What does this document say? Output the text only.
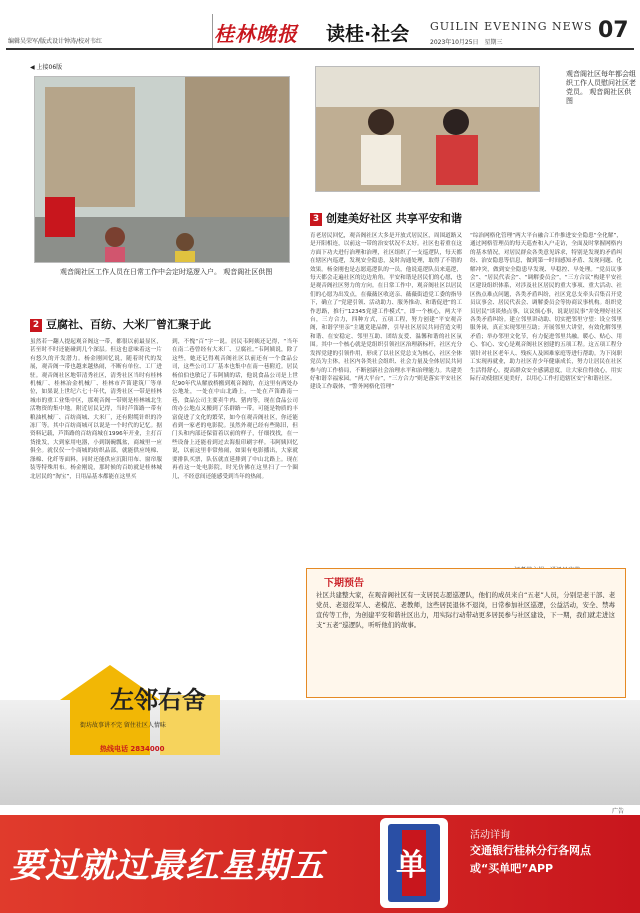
编辑吴荣军/版式设计钟涛/校对韦红	桂林晚报 读桂·社会 GUILIN EVENING NEWS
2023年10月25日　星期三	07
◀ 上接06版
观音阁社区工作人员在日常工作中会定时巡逻入户。 观音阁社区供图
观音阁社区每年都会组织工作人员慰问社区老党员。 观音阁社区供图
2 豆腐社、百纺、大米厂曾汇聚于此
虽然若一翻人提起观音阁这一带，都很以前最显区，甚至时不时还能碰到几个深层。但这也意味着这一片有悠久的开发潜力。杨金刚回忆说，随着时代的发展，观音阁一带也越来越热闹，不断有单位、工厂进驻。观音阁社区地带清秀社区，清秀社区当时有桂林机械厂、桂林冶金机械厂、桂林市芦笛建筑厂等单位，如果说上世纪六七十年代，清秀社区一带是桂林城市的重工业集中区，那观音阁一带则是桂林城北生活物资的集中地。附近居民记得，当时芦笛路一带有粮油机械厂、百纺商城、大米厂，还有附缆针织的冷冻厂等。其中百纺商城可以说是一个时代的记忆。据资料记载，芦笛路的百纺商城在1996年开业，主打百货批发，大到家用电器，小到锅碗瓢盆，商城里一应俱全。就仅仅一个商城的纺织品部，就能供应纯棉、涤棉、化纤等面料，同时还能供应沉阳用布、窗帘服装等特殊用布。杨金刚说，那时候的百纺就是桂林城北居民的“淘宝”，日用品基本都能在这里买
到，不愧“百”字一说。居民韦阿姨还记得，“当年在南二巷曾经有大米厂、豆腐社。”韦阿姨说，除了这些，她还记得观音阁社区以前还有一个食品公司，这些公司工厂基本也集中在南一巷附近。居民杨伯伯也敏记了韦阿姨的话，他说食品公司是上世纪90年代从解放桥搬到观音阁的，在这里有两处办公地址，一处在中山北路上，一处在芦笛路南一巷，食品公司主要卖牛肉、猪肉等，现在食品公司的办公地点又搬到了乐群路一带。可能是物质的丰富促进了文化的繁荣，如今在观音阁社区，你还能看到一家老的电影院。虽然外观已经有些陈旧，但门头和内部还保留着以前的样子，仔细找找，在一些设备上还能看到过去海报印刷字样。韦阿姨回忆说，以前这里非常热闹，如果有电影播出，大家就要排队买票，队伍就直延排到了中山北路上。现在再看这一处电影院，时光仿佛在这里扫了一个圈儿，不经意间还能感受到当年的热闹。
3 创建美好社区 共享平安和谐
育老居民回忆，观音阁社区大多是开放式居民区，周围道路又是开阳相连，以前这一带的治安状况不太好。社区也着重在这方面下功夫进行治理和治理，社区组织了一支巡逻队，每天都在辖区内巡逻，发现安全隐患，及时沟通处理，取得了不错的效果。杨金刚也是志愿巡逻队的一员，他说巡逻队员来巡逻，每天都会走遍社区的边边角角。平安和谐是居民们的心愿，也是观音阁社区努力的方向。在日常工作中，观音阁社区以居民们的心愿为出发点，在薇薇区收送亲、薇薇街道党工委的指导下，确立了“党建引领、活动助力、服务推动、和谐促进”的工作思路，推行“12345党建工作模式”，即一个核心，两大平台，三方合力，四种方式，五项工程，努力创建“平安观音阁，和谐学里亲”主题党建品牌，引导社区居民共同营造文明和谐、在安稳定、邻里互助、团结友爱、温馨和谐的社区氛围。其中一个核心就是党组织引领社区治理新标杆，社区充分发挥党建的引领作用，形成了以社区党总支为核心，社区全体党员为主体，社区内各类社会组织、社会力量及全体居民共同参与的工作格局，不断创新社会治理水平和治理能力。共建美好和谐幸福家园。“两大平台”，“三方合力”则是落实平安社区建设工作载体，“警务网格化管理”
“综治网格化管理”两大平台融合工作推进安全隐患“全化解”，通过网格管理员的每天巡查和入户走访，全面及时掌握网格内的基本情况，对居民群众各类意见诉求，特别是发现的矛盾纠纷、治安隐患等信息，做到第一时间感知矛盾、发现问题、化解冲突，做到安全隐患早发现、早稳控、早处理。“党员议事会”、“居民代表会”、“调解委员会”，“三方合议”构建平安社区建设组织体系，对涉及社区居民的重大事项、重大活动、社区热点难点问题，各类矛盾纠纷，社区党总支牵头召集召开党员议事会、居民代表会、调解委员会等协商议事机构。组织党员居民“谈谈热点事，议议烦心事，说说居民事”并处理好社区各类矛盾纠纷。建立邻里讲动助、切实把邻里守望：设立邻里服务岗，真正实现邻里互助；开展邻里大讲堂，有效化解邻里矛盾；举办邻里文化节，有力促进邻里共融。暖心、贴心、用心、怕心、安心是观音阁社区创建的五项工程。这五项工程分别针对社区老年人、残疾人及困难家庭等进行帮助。为下岗职工实现再就业，助力社区青少年健康成长，努力让居民在社区生活得舒心，提高群众安全感满意度，让大家住得放心，用实际行动使辖区更美好，以用心工作打造辖区安宁和谐社区。
下期预告
社区共建整大家，在观音阁社区有一支居民志愿巡逻队，他们的成员来自“五老”人员，分别是老干部、老党员、老退役军人、老模范、老教师，这些居民退休不退岗，日常参加社区巡逻，公益活动，安全、禁毒宣传等工作，为创建平安和谐社区出力，用实际行动带动更多居民参与社区建设，下一期，我们就走进这支“五老”巡逻队，听听他们的故事。
左邻右舍
街坊故事讲不完 留住社区人情味
热线电话 2834000
广告
要过就过最红星期五 单
活动详询
交通银行桂林分行各网点
或“买单吧”APP
